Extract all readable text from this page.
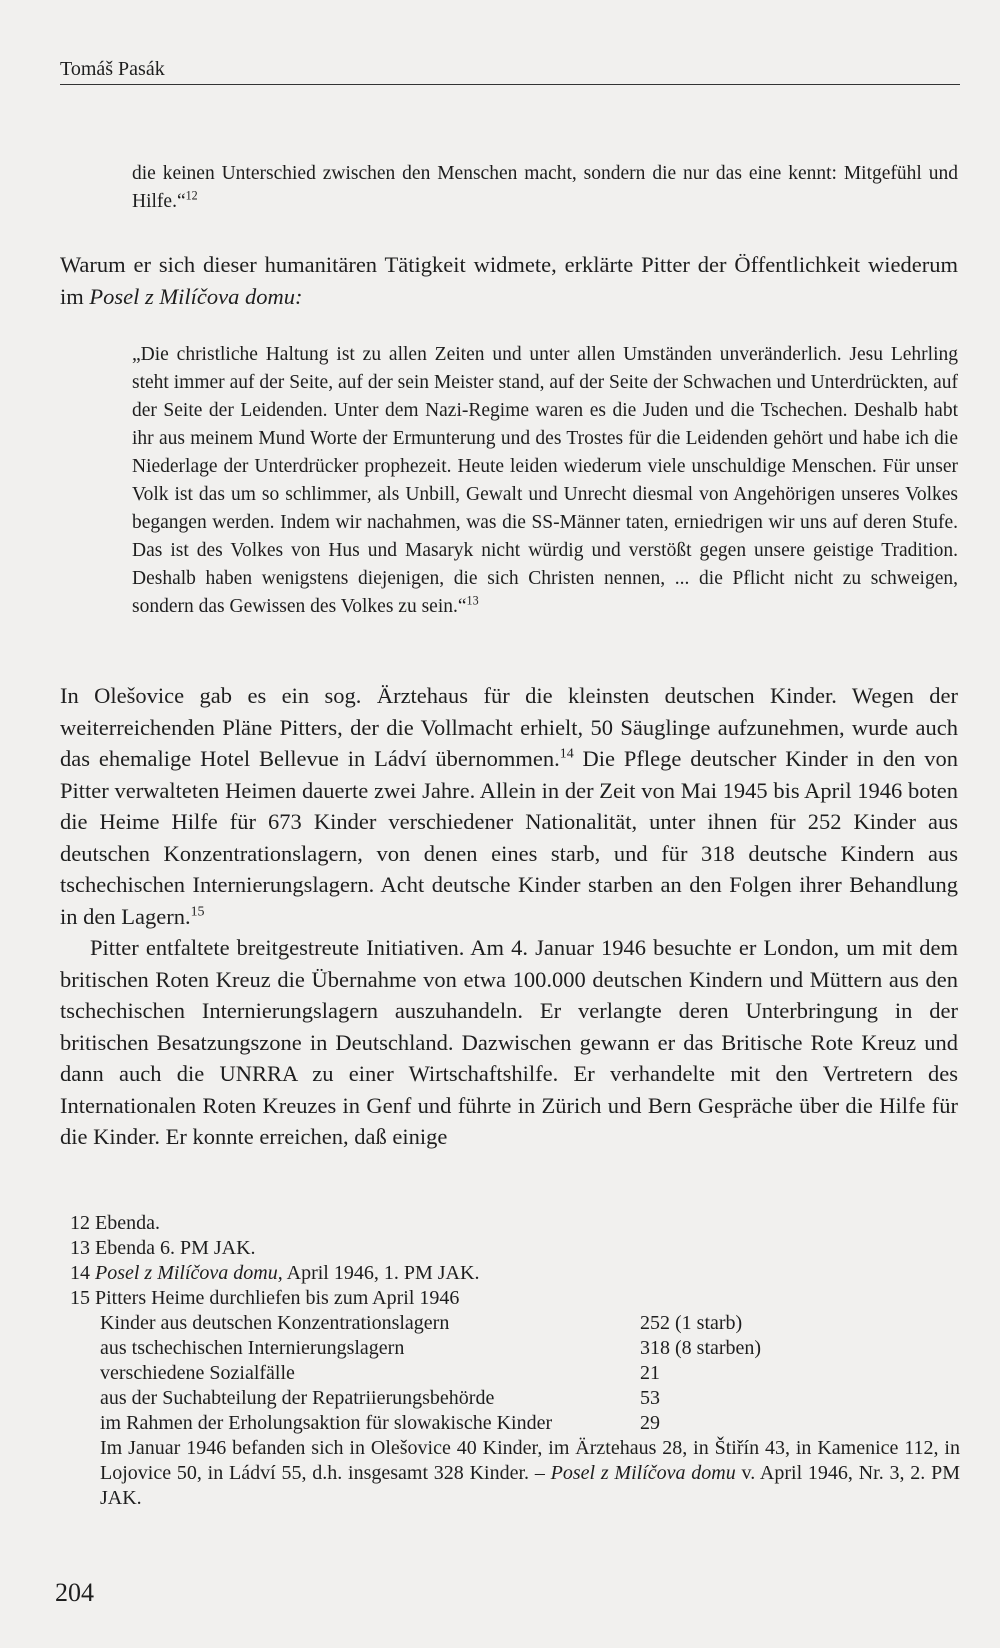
Tomáš Pasák
die keinen Unterschied zwischen den Menschen macht, sondern die nur das eine kennt: Mitgefühl und Hilfe.“$^{12}$
Warum er sich dieser humanitären Tätigkeit widmete, erklärte Pitter der Öffentlichkeit wiederum im Posel z Milíčova domu:
„Die christliche Haltung ist zu allen Zeiten und unter allen Umständen unveränderlich. Jesu Lehrling steht immer auf der Seite, auf der sein Meister stand, auf der Seite der Schwachen und Unterdrückten, auf der Seite der Leidenden. Unter dem Nazi-Regime waren es die Juden und die Tschechen. Deshalb habt ihr aus meinem Mund Worte der Ermunterung und des Trostes für die Leidenden gehört und habe ich die Niederlage der Unterdrücker prophezeit. Heute leiden wiederum viele unschuldige Menschen. Für unser Volk ist das um so schlimmer, als Unbill, Gewalt und Unrecht diesmal von Angehörigen unseres Volkes begangen werden. Indem wir nachahmen, was die SS-Männer taten, erniedrigen wir uns auf deren Stufe. Das ist des Volkes von Hus und Masaryk nicht würdig und verstößt gegen unsere geistige Tradition. Deshalb haben wenigstens diejenigen, die sich Christen nennen, ... die Pflicht nicht zu schweigen, sondern das Gewissen des Volkes zu sein.“$^{13}$

In Olešovice gab es ein sog. Ärztehaus für die kleinsten deutschen Kinder. Wegen der weiterreichenden Pläne Pitters, der die Vollmacht erhielt, 50 Säuglinge aufzunehmen, wurde auch das ehemalige Hotel Bellevue in Ládví übernommen.$^{14}$ Die Pflege deutscher Kinder in den von Pitter verwalteten Heimen dauerte zwei Jahre. Allein in der Zeit von Mai 1945 bis April 1946 boten die Heime Hilfe für 673 Kinder verschiedener Nationalität, unter ihnen für 252 Kinder aus deutschen Konzentrationslagern, von denen eines starb, und für 318 deutsche Kindern aus tschechischen Internierungslagern. Acht deutsche Kinder starben an den Folgen ihrer Behandlung in den Lagern.$^{15}$

Pitter entfaltete breitgestreute Initiativen. Am 4. Januar 1946 besuchte er London, um mit dem britischen Roten Kreuz die Übernahme von etwa 100.000 deutschen Kindern und Müttern aus den tschechischen Internierungslagern auszuhandeln. Er verlangte deren Unterbringung in der britischen Besatzungszone in Deutschland. Dazwischen gewann er das Britische Rote Kreuz und dann auch die UNRRA zu einer Wirtschaftshilfe. Er verhandelte mit den Vertretern des Internationalen Roten Kreuzes in Genf und führte in Zürich und Bern Gespräche über die Hilfe für die Kinder. Er konnte erreichen, daß einige

12 Ebenda.
13 Ebenda 6. PM JAK.
14 Posel z Milíčova domu, April 1946, 1. PM JAK.
15 Pitters Heime durchliefen bis zum April 1946
Kinder aus deutschen Konzentrationslagern	252 (1 starb)
aus tschechischen Internierungslagern	318 (8 starben)
verschiedene Sozialfälle	21
aus der Suchabteilung der Repatriierungsbehörde	53
im Rahmen der Erholungsaktion für slowakische Kinder	29
Im Januar 1946 befanden sich in Olešovice 40 Kinder, im Ärztehaus 28, in Štiřín 43, in Kamenice 112, in Lojovice 50, in Ládví 55, d.h. insgesamt 328 Kinder. – Posel z Milíčova domu v. April 1946, Nr. 3, 2. PM JAK.
204
